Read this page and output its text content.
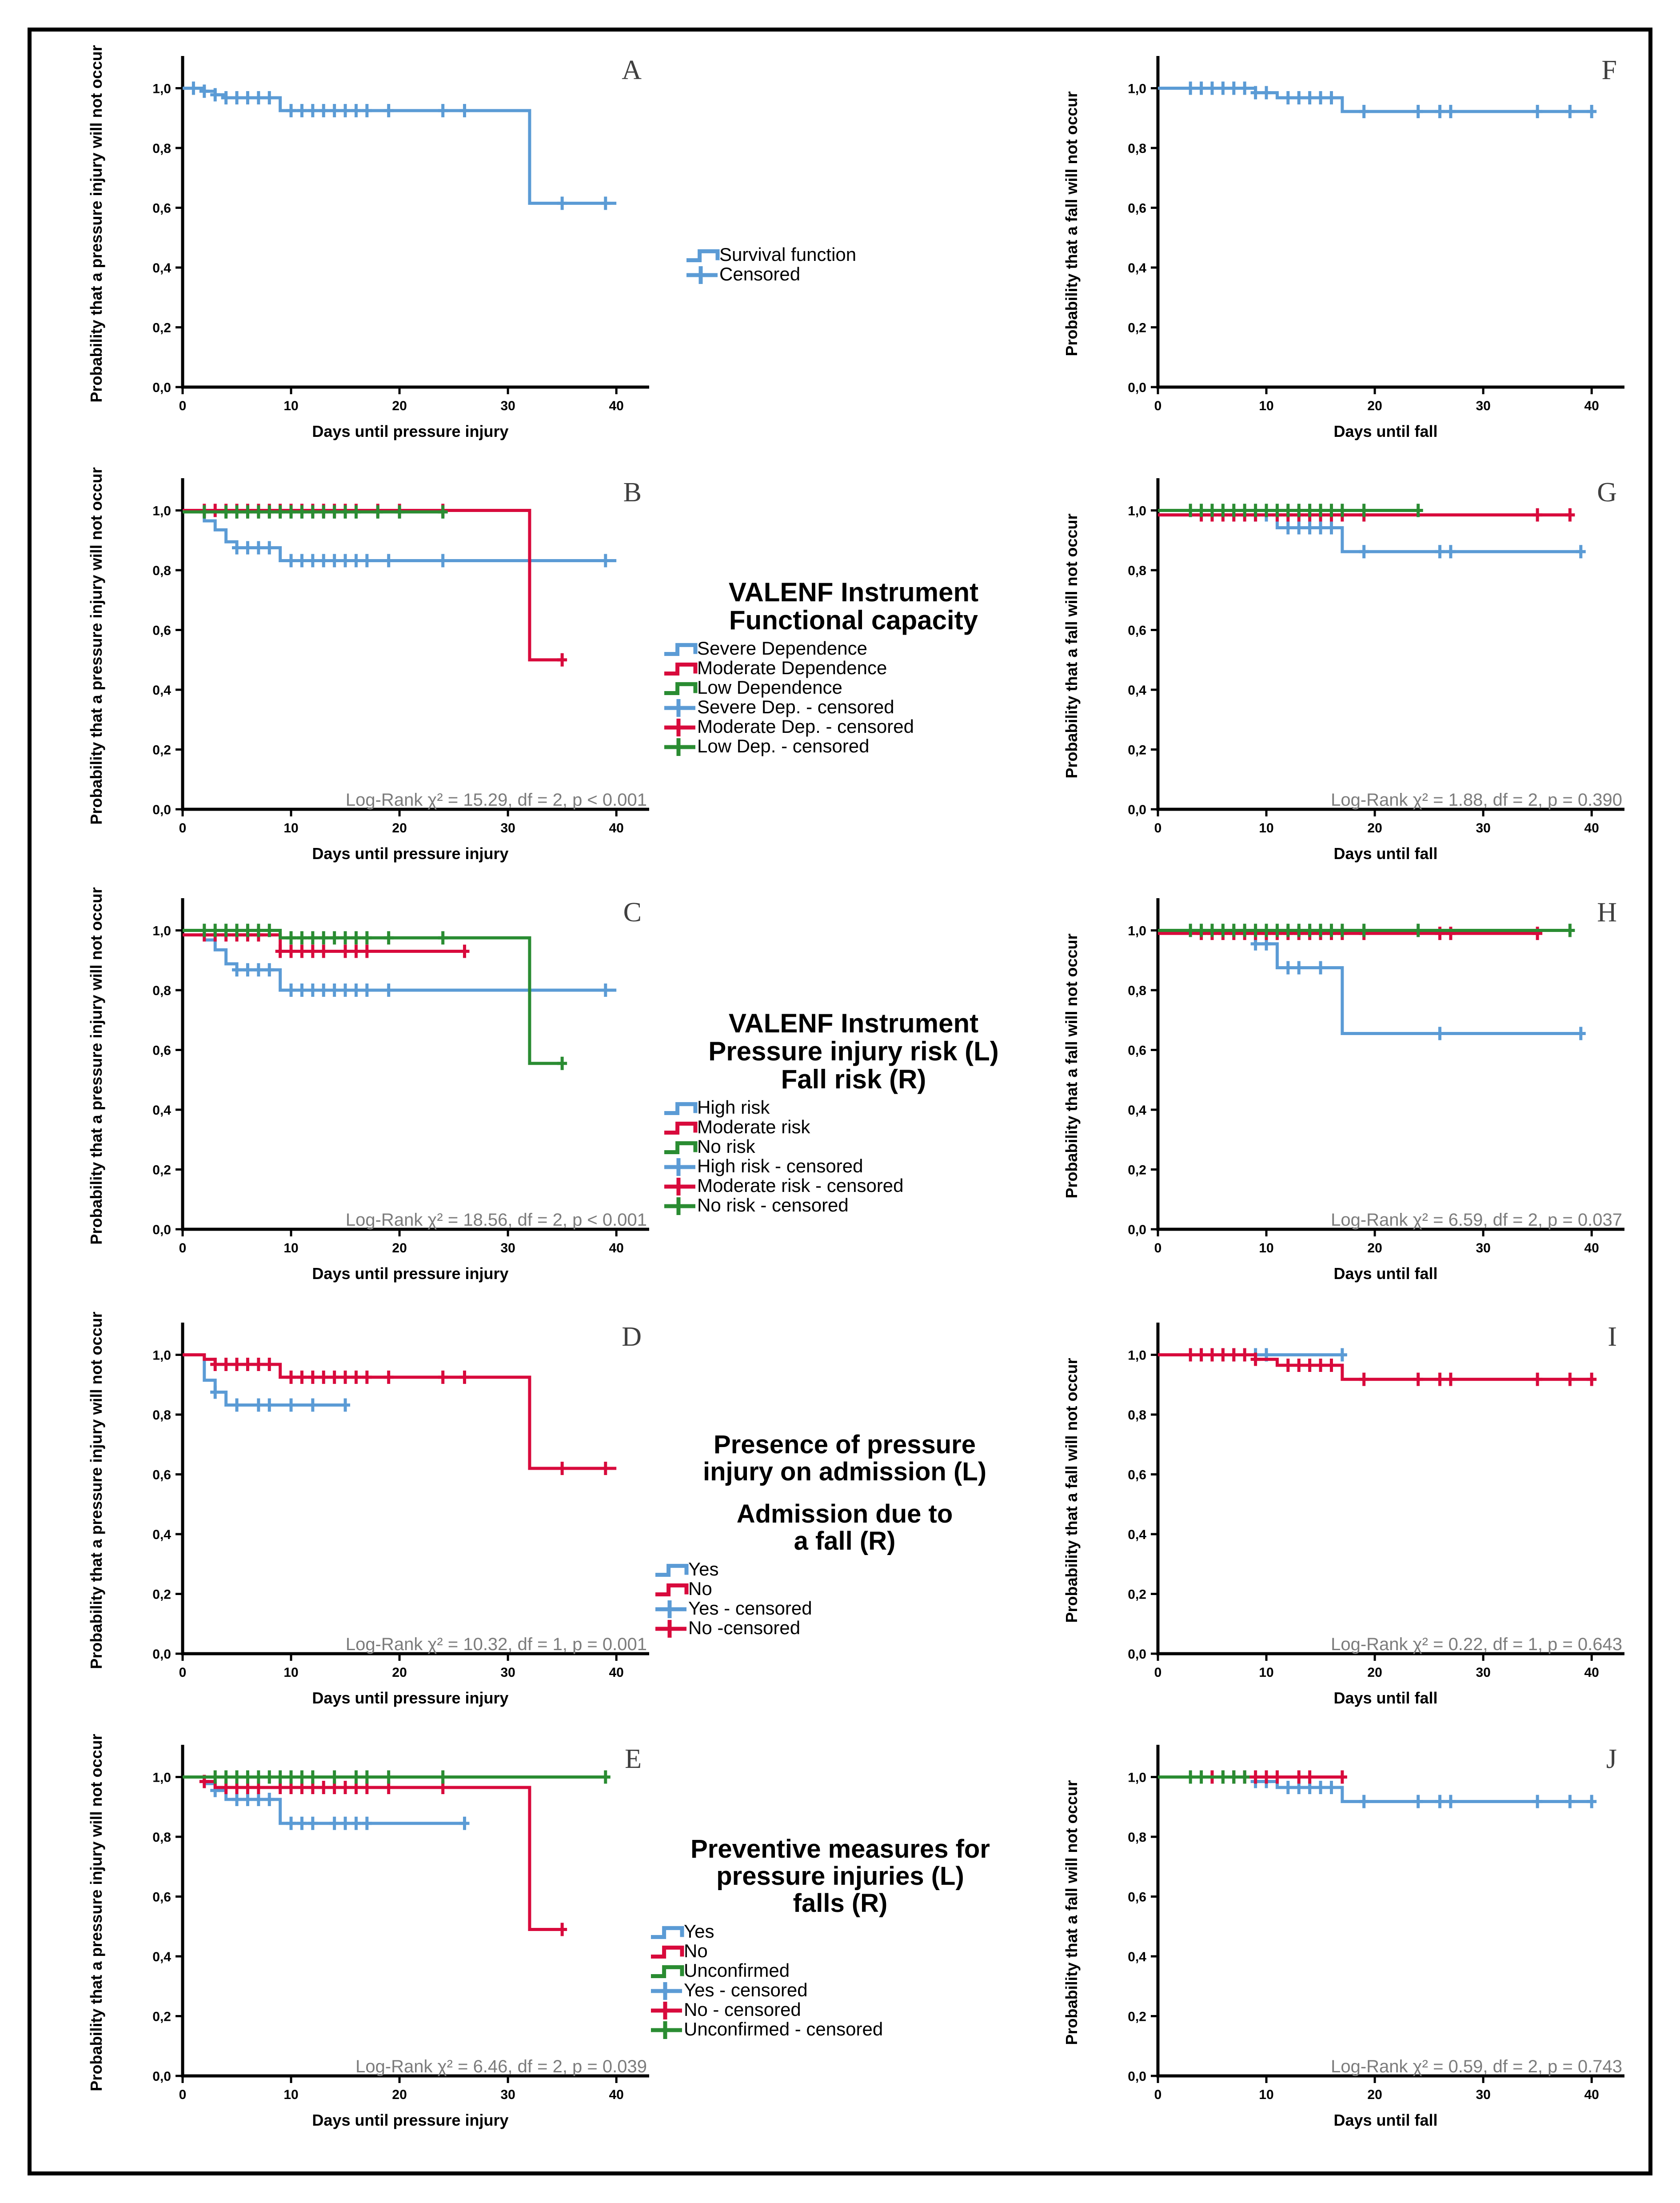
0,0
0,2
0,4
0,6
0,8
1,0
0	10	20	30	40
Days until pressure injury
Probability that a pressure injury will not occur	A
0,0
0,2
0,4
0,6
0,8
1,0
0	10	20	30	40
Days until fall
Probability that a fall will not occur
F
0,0
0,2
0,4
0,6
0,8
1,0
0	10	20	30	40
Days until pressure injury
Probability that a pressure injury will not occur	B
Log-Rank χ² = 15.29, df = 2, p < 0.001
0,0
0,2
0,4
0,6
0,8
1,0
0	10	20	30	40
Days until fall
Probability that a fall will not occur
G
Log-Rank χ² = 1.88, df = 2, p = 0.390
0,0
0,2
0,4
0,6
0,8
1,0
0	10	20	30	40
Days until pressure injury
Probability that a pressure injury will not occur	C
Log-Rank χ² = 18.56, df = 2, p < 0.001
0,0
0,2
0,4
0,6
0,8
1,0
0	10	20	30	40
Days until fall
Probability that a fall will not occur
H
Log-Rank χ² = 6.59, df = 2, p = 0.037
0,0
0,2
0,4
0,6
0,8
1,0
0	10	20	30	40
Days until pressure injury
Probability that a pressure injury will not occur	D
Log-Rank χ² = 10.32, df = 1, p = 0.001
0,0
0,2
0,4
0,6
0,8
1,0
0	10	20	30	40
Days until fall
Probability that a fall will not occur
I
Log-Rank χ² = 0.22, df = 1, p = 0.643
0,0
0,2
0,4
0,6
0,8
1,0
0	10	20	30	40
Days until pressure injury
Probability that a pressure injury will not occur	E
Log-Rank χ² = 6.46, df = 2, p = 0.039
0,0
0,2
0,4
0,6
0,8
1,0
0	10	20	30	40
Days until fall
Probability that a fall will not occur
J
Log-Rank χ² = 0.59, df = 2, p = 0.743
Survival function
Censored
VALENF Instrument
Functional capacity
Severe Dependence
Moderate Dependence
Low Dependence
Severe Dep. - censored
Moderate Dep. - censored
Low Dep. - censored
VALENF Instrument
Pressure injury risk (L)
Fall risk (R)
High risk
Moderate risk
No risk
High risk - censored
Moderate risk - censored
No risk - censored
Presence of pressure
injury on admission (L)
Admission due to
a fall (R)
Yes
No
Yes - censored
No -censored
Preventive measures for
pressure injuries (L)
falls (R)
Yes
No
Unconfirmed
Yes - censored
No - censored
Unconfirmed - censored
